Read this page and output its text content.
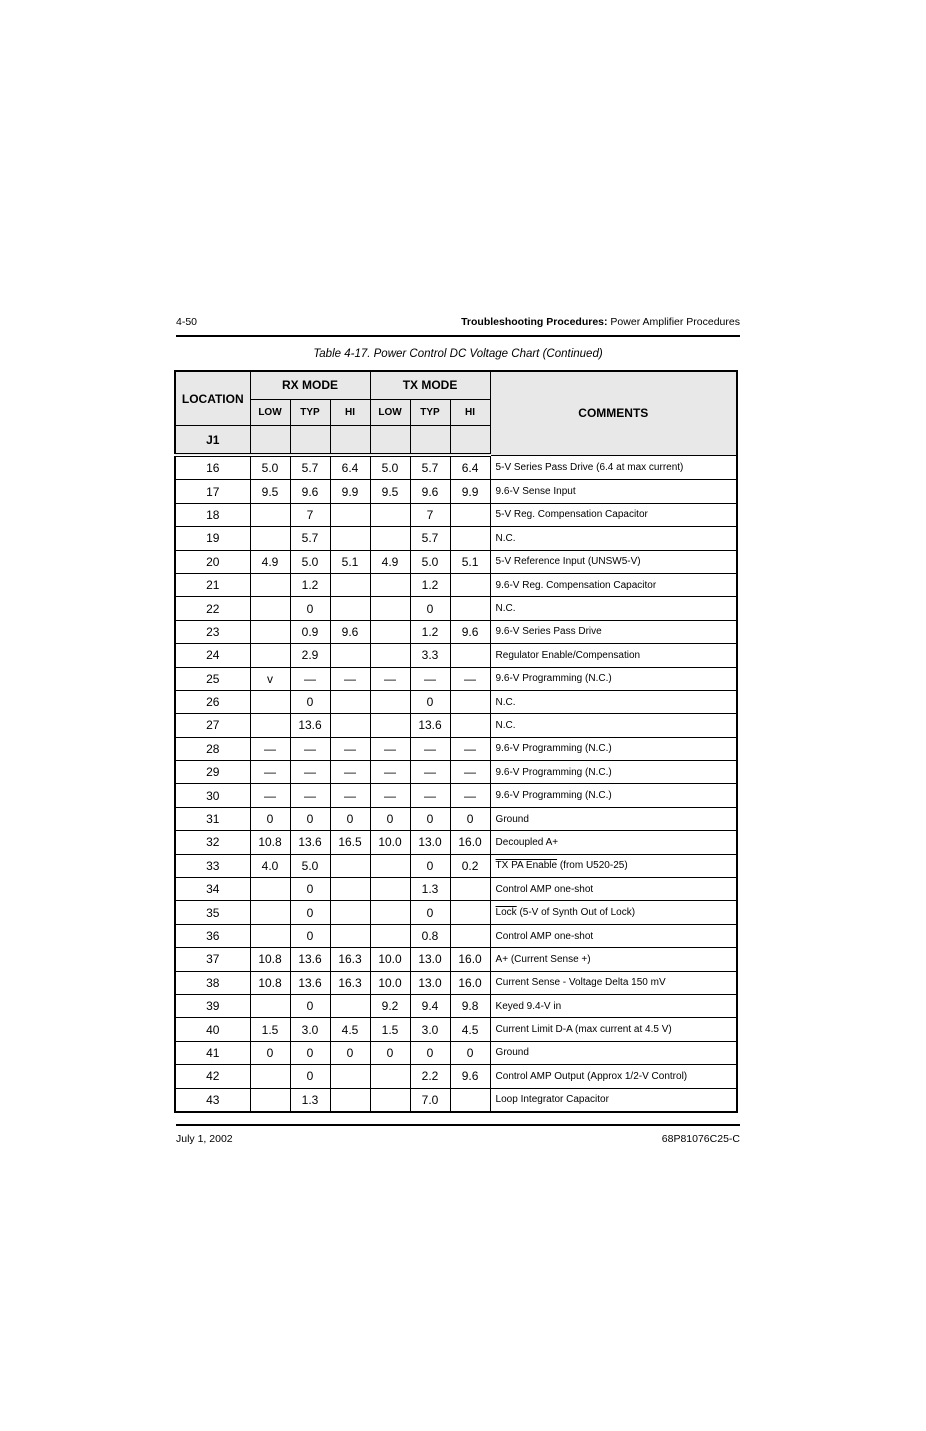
4-50	Troubleshooting Procedures: Power Amplifier Procedures
Table 4-17. Power Control DC Voltage Chart (Continued)
LOCATION	RX MODE			TX MODE			COMMENTS
	LOW	TYP	HI	LOW	TYP	HI	
J1							
16	5.0	5.7	6.4	5.0	5.7	6.4	5-V Series Pass Drive (6.4 at max current)
17	9.5	9.6	9.9	9.5	9.6	9.9	9.6-V Sense Input
18		7			7		5-V Reg. Compensation Capacitor
19		5.7			5.7		N.C.
20	4.9	5.0	5.1	4.9	5.0	5.1	5-V Reference Input (UNSW5-V)
21		1.2			1.2		9.6-V Reg. Compensation Capacitor
22		0			0		N.C.
23		0.9	9.6		1.2	9.6	9.6-V Series Pass Drive
24		2.9			3.3		Regulator Enable/Compensation
25	v	—	—	—	—	—	9.6-V Programming (N.C.)
26		0			0		N.C.
27		13.6			13.6		N.C.
28	—	—	—	—	—	—	9.6-V Programming (N.C.)
29	—	—	—	—	—	—	9.6-V Programming (N.C.)
30	—	—	—	—	—	—	9.6-V Programming (N.C.)
31	0	0	0	0	0	0	Ground
32	10.8	13.6	16.5	10.0	13.0	16.0	Decoupled A+
33	4.0	5.0			0	0.2	TX PA Enable (from U520-25)
34		0			1.3		Control AMP one-shot
35		0			0		Lock (5-V of Synth Out of Lock)
36		0			0.8		Control AMP one-shot
37	10.8	13.6	16.3	10.0	13.0	16.0	A+ (Current Sense +)
38	10.8	13.6	16.3	10.0	13.0	16.0	Current Sense - Voltage Delta 150 mV
39		0		9.2	9.4	9.8	Keyed 9.4-V in
40	1.5	3.0	4.5	1.5	3.0	4.5	Current Limit D-A (max current at 4.5 V)
41	0	0	0	0	0	0	Ground
42		0			2.2	9.6	Control AMP Output (Approx 1/2-V Control)
43		1.3			7.0		Loop Integrator Capacitor
July 1, 2002	68P81076C25-C
